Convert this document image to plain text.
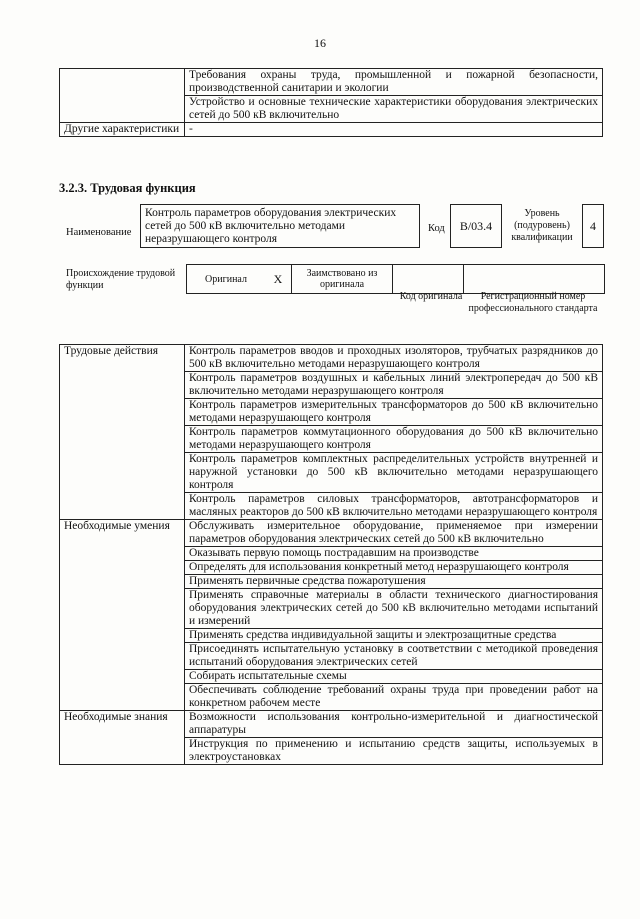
16
	Требования охраны труда, промышленной и пожарной безопасности, производственной санитарии и экологии
	Устройство и основные технические характеристики оборудования электрических сетей до 500 кВ включительно
Другие характеристики	-
3.2.3. Трудовая функция
Наименование
Контроль параметров оборудования электрических сетей до 500 кВ включительно методами неразрушающего контроля
Код	B/03.4
Уровень (подуровень) квалификации
4
Происхождение трудовой функции
Оригинал	X	Заимствовано из оригинала		
Код оригинала	Регистрационный номер профессионального стандарта
Трудовые действия	Контроль параметров вводов и проходных изоляторов, трубчатых разрядников до 500 кВ включительно методами неразрушающего контроля
	Контроль параметров воздушных и кабельных линий электропередач до 500 кВ включительно методами неразрушающего контроля
	Контроль параметров измерительных трансформаторов до 500 кВ включительно методами неразрушающего контроля
	Контроль параметров коммутационного оборудования до 500 кВ включительно методами неразрушающего контроля
	Контроль параметров комплектных распределительных устройств внутренней и наружной установки до 500 кВ включительно методами неразрушающего контроля
	Контроль параметров силовых трансформаторов, автотрансформаторов и масляных реакторов до 500 кВ включительно методами неразрушающего контроля
Необходимые умения	Обслуживать измерительное оборудование, применяемое при измерении параметров оборудования электрических сетей до 500 кВ включительно
	Оказывать первую помощь пострадавшим на производстве
	Определять для использования конкретный метод неразрушающего контроля
	Применять первичные средства пожаротушения
	Применять справочные материалы в области технического диагностирования оборудования электрических сетей до 500 кВ включительно методами испытаний и измерений
	Применять средства индивидуальной защиты и электрозащитные средства
	Присоединять испытательную установку в соответствии с методикой проведения испытаний оборудования электрических сетей
	Собирать испытательные схемы
	Обеспечивать соблюдение требований охраны труда при проведении работ на конкретном рабочем месте
Необходимые знания	Возможности использования контрольно-измерительной и диагностической аппаратуры
	Инструкция по применению и испытанию средств защиты, используемых в электроустановках
